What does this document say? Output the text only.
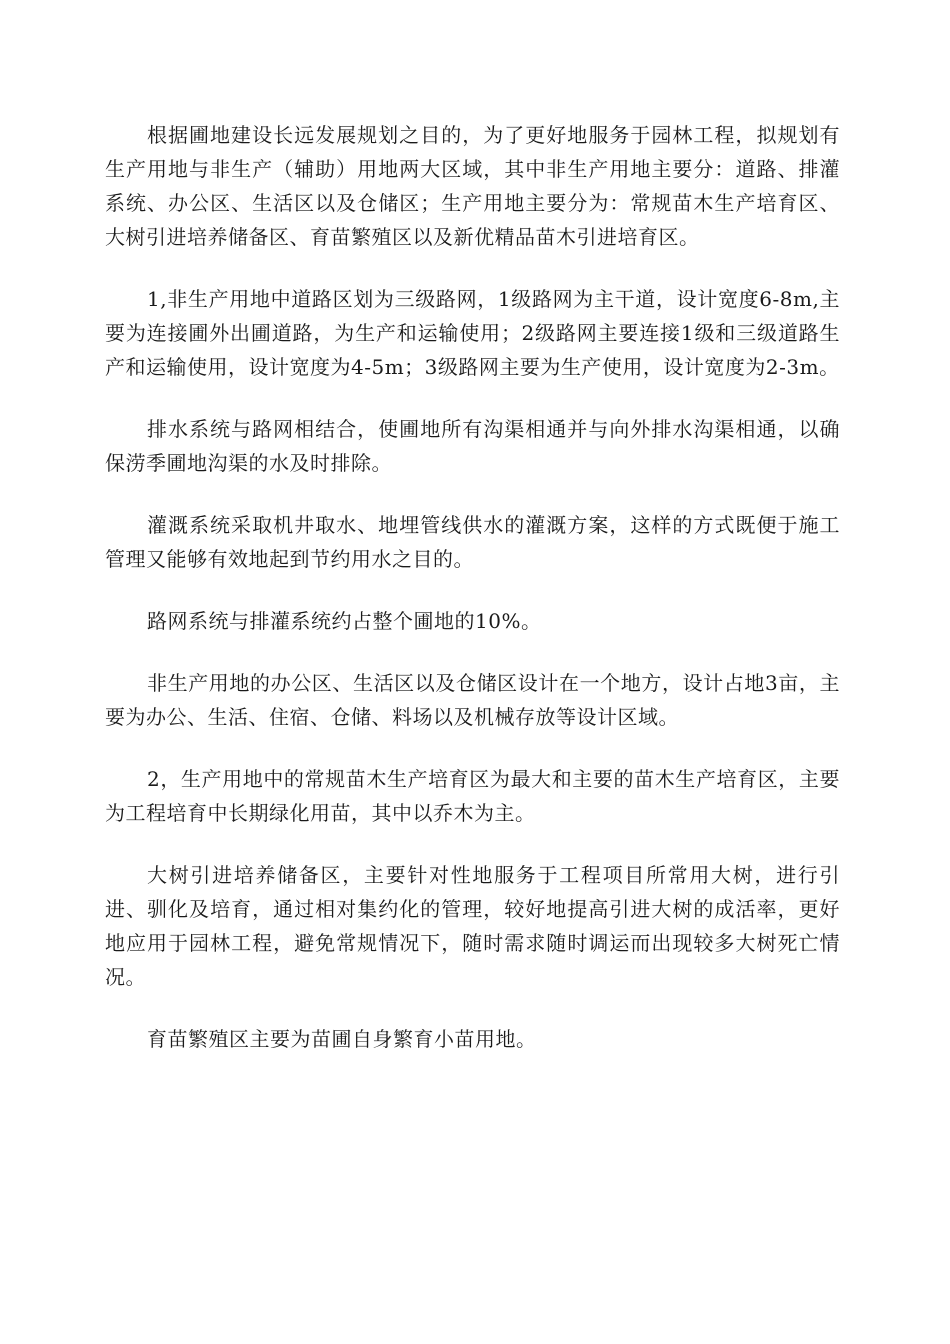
根据圃地建设长远发展规划之目的，为了更好地服务于园林工程，拟规划有生产用地与非生产（辅助）用地两大区域，其中非生产用地主要分：道路、排灌系统、办公区、生活区以及仓储区；生产用地主要分为：常规苗木生产培育区、大树引进培养储备区、育苗繁殖区以及新优精品苗木引进培育区。

1,非生产用地中道路区划为三级路网，1级路网为主干道，设计宽度6-8m,主要为连接圃外出圃道路，为生产和运输使用；2级路网主要连接1级和三级道路生产和运输使用，设计宽度为4-5m；3级路网主要为生产使用，设计宽度为2-3m。

排水系统与路网相结合，使圃地所有沟渠相通并与向外排水沟渠相通，以确保涝季圃地沟渠的水及时排除。

灌溉系统采取机井取水、地埋管线供水的灌溉方案，这样的方式既便于施工管理又能够有效地起到节约用水之目的。

路网系统与排灌系统约占整个圃地的10%。

非生产用地的办公区、生活区以及仓储区设计在一个地方，设计占地3亩，主要为办公、生活、住宿、仓储、料场以及机械存放等设计区域。

2，生产用地中的常规苗木生产培育区为最大和主要的苗木生产培育区，主要为工程培育中长期绿化用苗，其中以乔木为主。

大树引进培养储备区，主要针对性地服务于工程项目所常用大树，进行引进、驯化及培育，通过相对集约化的管理，较好地提高引进大树的成活率，更好地应用于园林工程，避免常规情况下，随时需求随时调运而出现较多大树死亡情况。

育苗繁殖区主要为苗圃自身繁育小苗用地。
